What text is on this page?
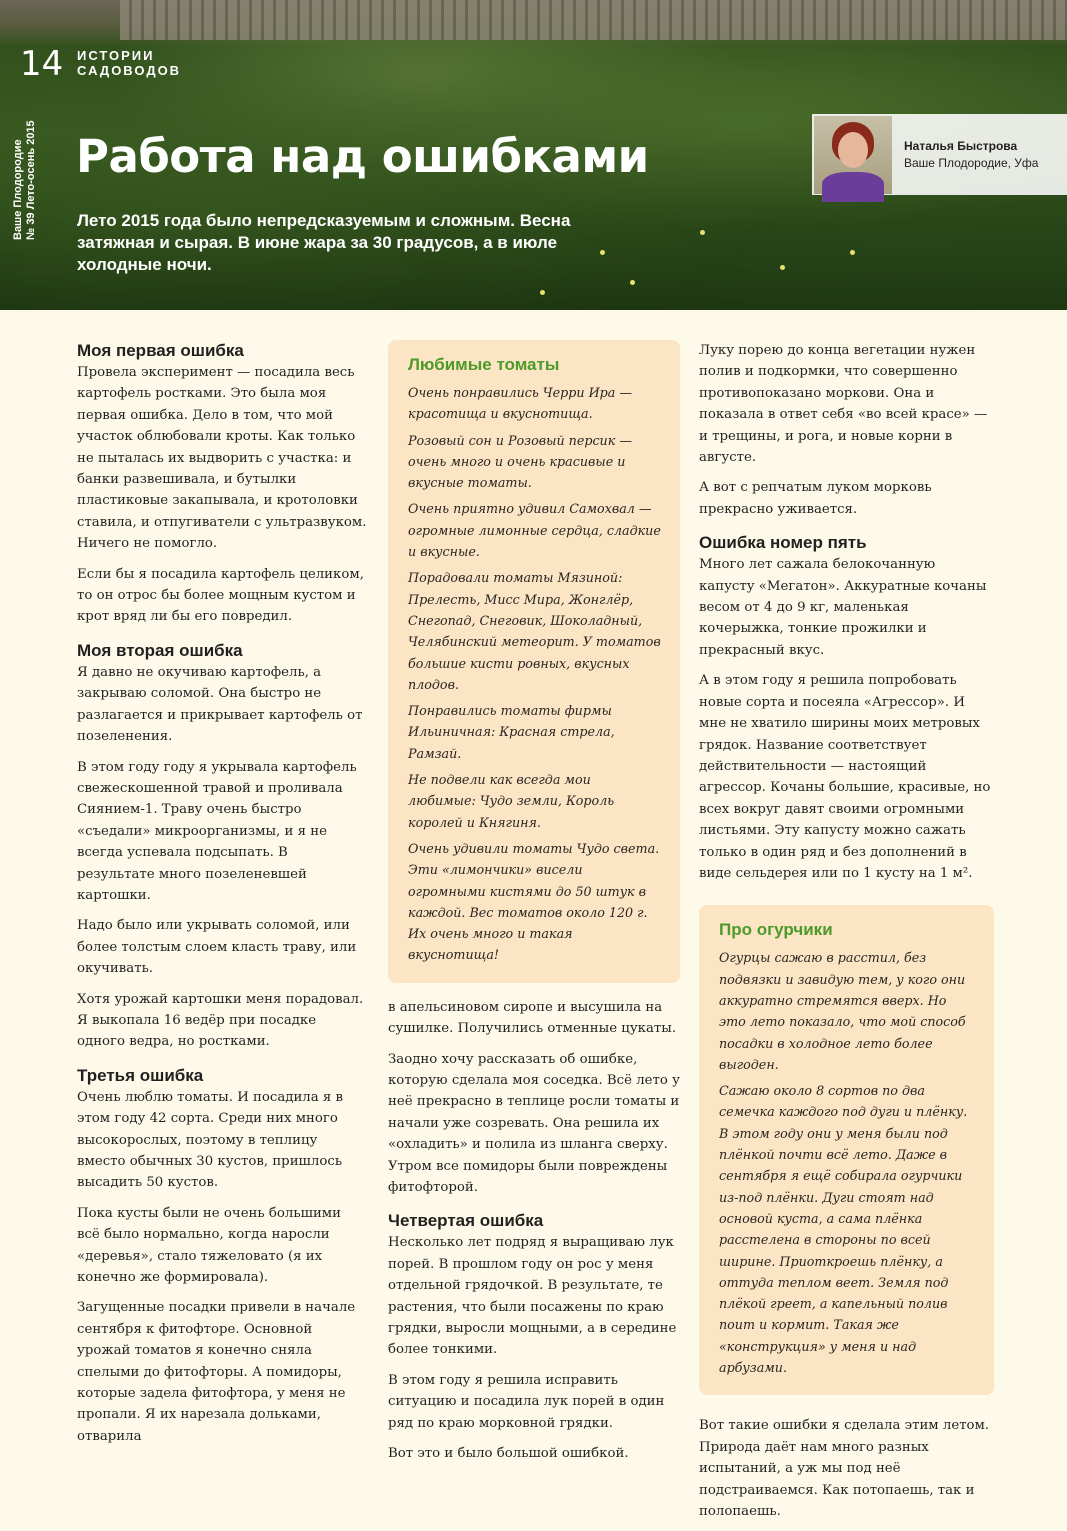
14 ИСТОРИИ
САДОВОДОВ
Ваше Плодородие № 39 Лето-осень 2015 Работа над ошибками

Лето 2015 года было непредсказуемым и сложным. Весна затяжная и сырая. В июне жара за 30 градусов, а в июле холодные ночи.

Наталья Быстрова
Ваше Плодородие, Уфа
Моя первая ошибка

Провела эксперимент — посадила весь картофель ростками. Это была моя первая ошибка. Дело в том, что мой участок облюбовали кроты. Как только не пыталась их выдворить с участка: и банки развешивала, и бутылки пластиковые закапывала, и кротоловки ставила, и отпугиватели с ультразвуком. Ничего не помогло.

Если бы я посадила картофель целиком, то он отрос бы более мощным кустом и крот вряд ли бы его повредил.

Моя вторая ошибка

Я давно не окучиваю картофель, а закрываю соломой. Она быстро не разлагается и прикрывает картофель от позеленения.

В этом году году я укрывала картофель свежескошенной травой и проливала Сиянием-1. Траву очень быстро «съедали» микроорганизмы, и я не всегда успевала подсыпать. В результате много позеленевшей картошки.

Надо было или укрывать соломой, или более толстым слоем класть траву, или окучивать.

Хотя урожай картошки меня порадовал. Я выкопала 16 ведёр при посадке одного ведра, но ростками.

Третья ошибка

Очень люблю томаты. И посадила я в этом году 42 сорта. Среди них много высокорослых, поэтому в теплицу вместо обычных 30 кустов, пришлось высадить 50 кустов.

Пока кусты были не очень большими всё было нормально, когда наросли «деревья», стало тяжеловато (я их конечно же формировала).

Загущенные посадки привели в начале сентября к фитофторе. Основной урожай томатов я конечно сняла спелыми до фитофторы. А помидоры, которые задела фитофтора, у меня не пропали. Я их нарезала дольками, отварила

Любимые томаты

Очень понравились Черри Ира — красотища и вкуснотища.

Розовый сон и Розовый персик — очень много и очень красивые и вкусные томаты.

Очень приятно удивил Самохвал — огромные лимонные сердца, сладкие и вкусные.

Порадовали томаты Мязиной: Прелесть, Мисс Мира, Жонглёр, Снегопад, Снеговик, Шоколадный, Челябинский метеорит. У томатов большие кисти ровных, вкусных плодов.

Понравились томаты фирмы Ильиничная: Красная стрела, Рамзай.

Не подвели как всегда мои любимые: Чудо земли, Король королей и Княгиня.

Очень удивили томаты Чудо света. Эти «лимончики» висели огромными кистями до 50 штук в каждой. Вес томатов около 120 г. Их очень много и такая вкуснотища!

в апельсиновом сиропе и высушила на сушилке. Получились отменные цукаты.

Заодно хочу рассказать об ошибке, которую сделала моя соседка. Всё лето у неё прекрасно в теплице росли томаты и начали уже созревать. Она решила их «охладить» и полила из шланга сверху. Утром все помидоры были повреждены фитофторой.

Четвертая ошибка

Несколько лет подряд я выращиваю лук порей. В прошлом году он рос у меня отдельной грядочкой. В результате, те растения, что были посажены по краю грядки, выросли мощными, а в середине более тонкими.

В этом году я решила исправить ситуацию и посадила лук порей в один ряд по краю морковной грядки.

Вот это и было большой ошибкой.

Луку порею до конца вегетации нужен полив и подкормки, что совершенно противопоказано моркови. Она и показала в ответ себя «во всей красе» — и трещины, и рога, и новые корни в августе.

А вот с репчатым луком морковь прекрасно уживается.

Ошибка номер пять

Много лет сажала белокочанную капусту «Мегатон». Аккуратные кочаны весом от 4 до 9 кг, маленькая кочерыжка, тонкие прожилки и прекрасный вкус.

А в этом году я решила попробовать новые сорта и посеяла «Агрессор». И мне не хватило ширины моих метровых грядок. Название соответствует действительности — настоящий агрессор. Кочаны большие, красивые, но всех вокруг давят своими огромными листьями. Эту капусту можно сажать только в один ряд и без дополнений в виде сельдерея или по 1 кусту на 1 м².

Про огурчики

Огурцы сажаю в расстил, без подвязки и завидую тем, у кого они аккуратно стремятся вверх. Но это лето показало, что мой способ посадки в холодное лето более выгоден.

Сажаю около 8 сортов по два семечка каждого под дуги и плёнку. В этом году они у меня были под плёнкой почти всё лето. Даже в сентября я ещё собирала огурчики из-под плёнки. Дуги стоят над основой куста, а сама плёнка расстелена в стороны по всей ширине. Приоткроешь плёнку, а оттуда теплом веет. Земля под плёкой греет, а капельный полив поит и кормит. Такая же «конструкция» у меня и над арбузами.

Вот такие ошибки я сделала этим летом. Природа даёт нам много разных испытаний, а уж мы под неё подстраиваемся. Как потопаешь, так и полопаешь.
